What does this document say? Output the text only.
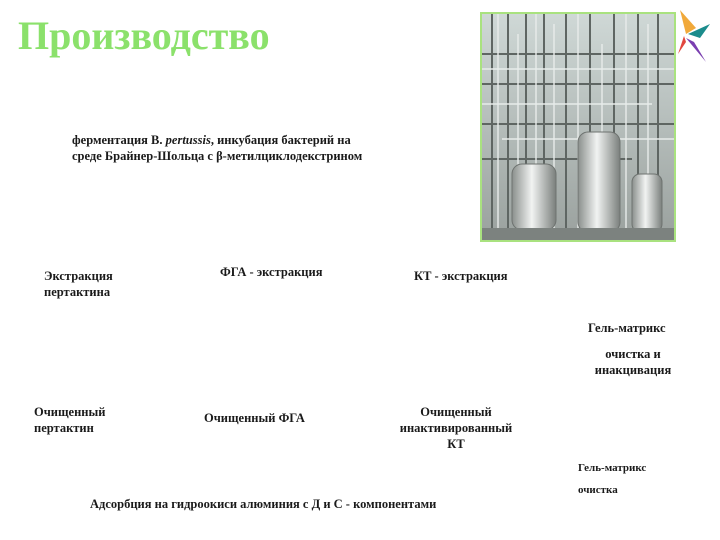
Производство
ферментация B. pertussis, инкубация бактерий на
среде Брайнер-Шольца с β-метилциклодекстрином
Экстракция
пертактина
ФГА - экстракция	КТ - экстракция
Гель-матрикс
очистка и
инакцивация
Очищенный
пертактин
Очищенный ФГА	Очищенный
инактивированный
КТ
Гель-матрикс
очистка
Адсорбция на гидроокиси алюминия с Д и С - компонентами
